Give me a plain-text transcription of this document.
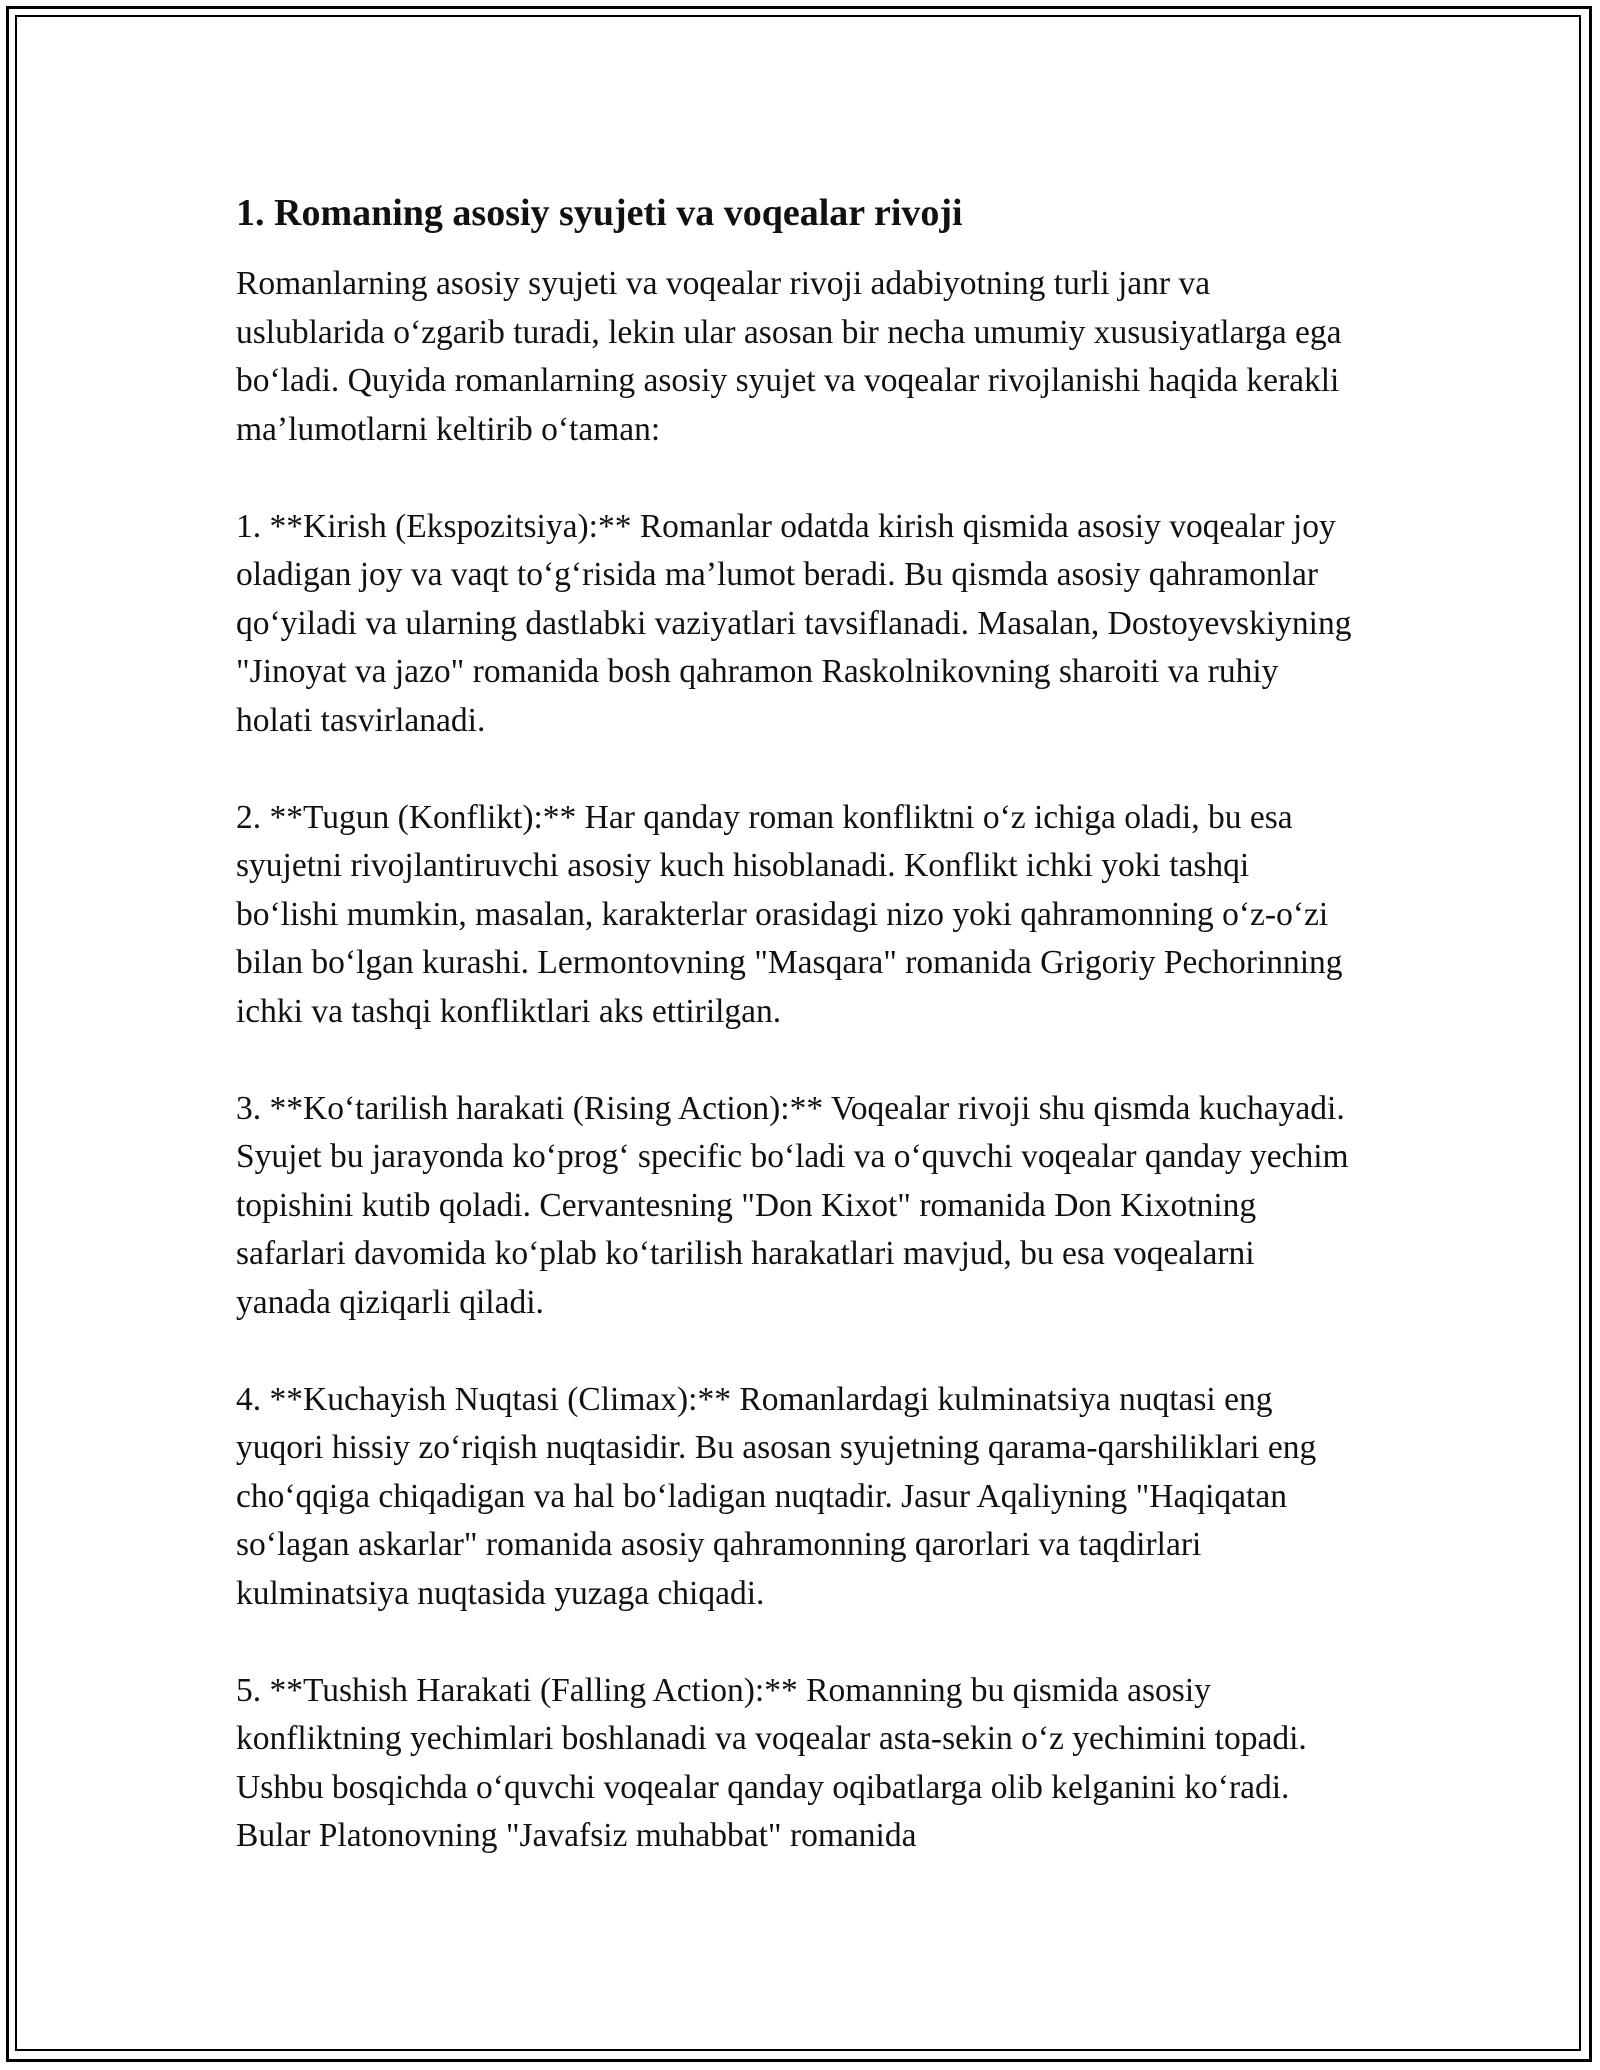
1. Romaning asosiy syujeti va voqealar rivoji

Romanlarning asosiy syujeti va voqealar rivoji adabiyotning turli janr va uslublarida oʻzgarib turadi, lekin ular asosan bir necha umumiy xususiyatlarga ega boʻladi. Quyida romanlarning asosiy syujet va voqealar rivojlanishi haqida kerakli maʼlumotlarni keltirib oʻtaman:

1. **Kirish (Ekspozitsiya):** Romanlar odatda kirish qismida asosiy voqealar joy oladigan joy va vaqt toʻgʻrisida maʼlumot beradi. Bu qismda asosiy qahramonlar qoʻyiladi va ularning dastlabki vaziyatlari tavsiflanadi. Masalan, Dostoyevskiyning "Jinoyat va jazo" romanida bosh qahramon Raskolnikovning sharoiti va ruhiy holati tasvirlanadi.

2. **Tugun (Konflikt):** Har qanday roman konfliktni oʻz ichiga oladi, bu esa syujetni rivojlantiruvchi asosiy kuch hisoblanadi. Konflikt ichki yoki tashqi boʻlishi mumkin, masalan, karakterlar orasidagi nizo yoki qahramonning oʻz-oʻzi bilan boʻlgan kurashi. Lermontovning "Masqara" romanida Grigoriy Pechorinning ichki va tashqi konfliktlari aks ettirilgan.

3. **Koʻtarilish harakati (Rising Action):** Voqealar rivoji shu qismda kuchayadi. Syujet bu jarayonda koʻprogʻ specific boʻladi va oʻquvchi voqealar qanday yechim topishini kutib qoladi. Cervantesning "Don Kixot" romanida Don Kixotning safarlari davomida koʻplab koʻtarilish harakatlari mavjud, bu esa voqealarni yanada qiziqarli qiladi.

4. **Kuchayish Nuqtasi (Climax):** Romanlardagi kulminatsiya nuqtasi eng yuqori hissiy zoʻriqish nuqtasidir. Bu asosan syujetning qarama-qarshiliklari eng choʻqqiga chiqadigan va hal boʻladigan nuqtadir. Jasur Aqaliyning "Haqiqatan soʻlagan askarlar" romanida asosiy qahramonning qarorlari va taqdirlari kulminatsiya nuqtasida yuzaga chiqadi.

5. **Tushish Harakati (Falling Action):** Romanning bu qismida asosiy konfliktning yechimlari boshlanadi va voqealar asta-sekin oʻz yechimini topadi. Ushbu bosqichda oʻquvchi voqealar qanday oqibatlarga olib kelganini koʻradi. Bular Platonovning "Javafsiz muhabbat" romanida
